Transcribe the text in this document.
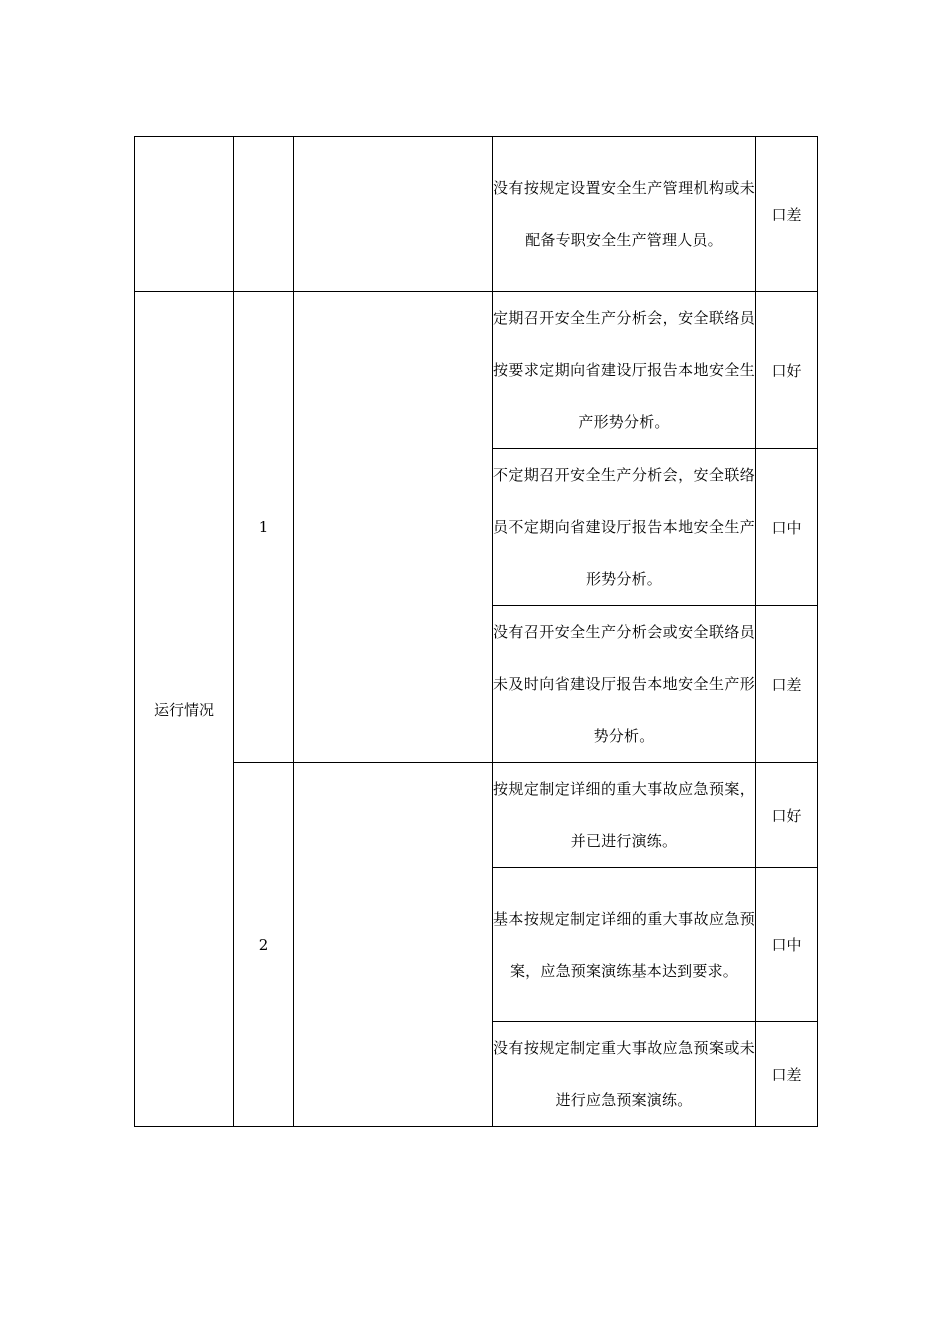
			没有按规定设置安全生产管理机构或未配备专职安全生产管理人员。	口差
运行情况	1		定期召开安全生产分析会，安全联络员按要求定期向省建设厅报告本地安全生产形势分析。	口好

			不定期召开安全生产分析会，安全联络员不定期向省建设厅报告本地安全生产形势分析。	口中

			没有召开安全生产分析会或安全联络员未及时向省建设厅报告本地安全生产形势分析。	口差
	2		按规定制定详细的重大事故应急预案，并已进行演练。	口好

			基本按规定制定详细的重大事故应急预案，应急预案演练基本达到要求。	口中

			没有按规定制定重大事故应急预案或未进行应急预案演练。	口差
